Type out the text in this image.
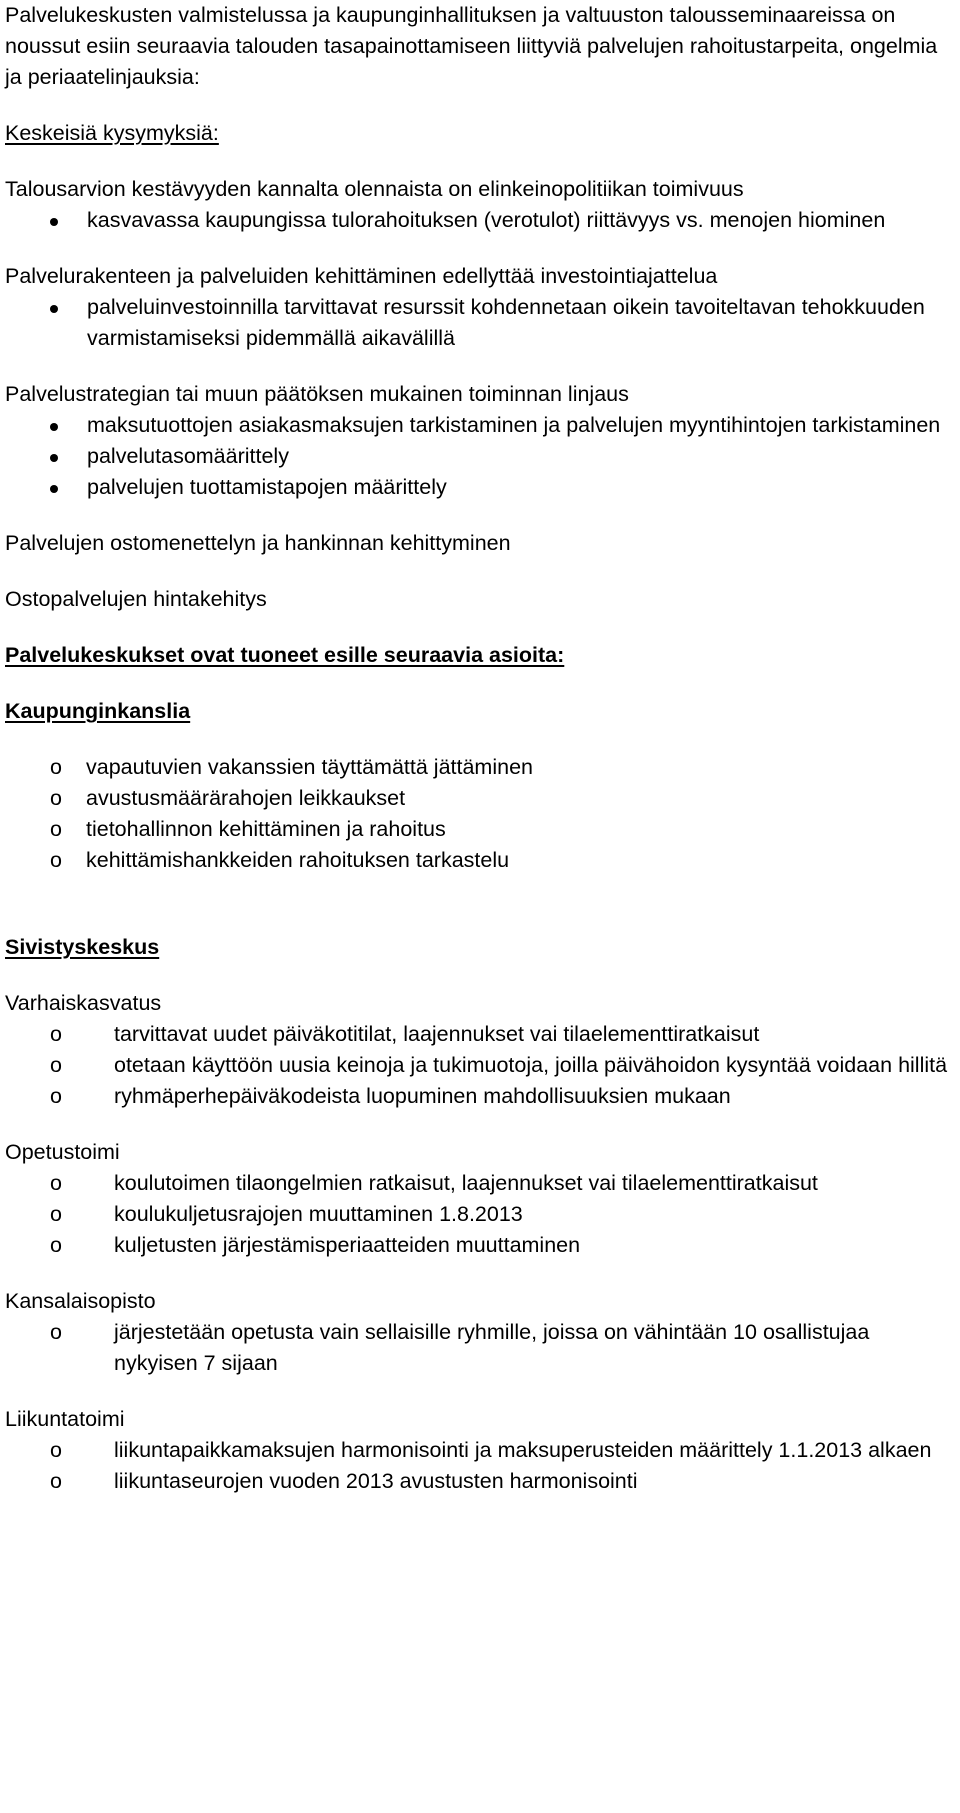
Palvelukeskusten valmistelussa ja kaupunginhallituksen ja valtuuston talousseminaareissa on noussut esiin seuraavia talouden tasapainottamiseen liittyviä palvelujen rahoitustarpeita, ongelmia ja periaatelinjauksia:

Keskeisiä kysymyksiä:

Talousarvion kestävyyden kannalta olennaista on elinkeinopolitiikan toimivuus

kasvavassa kaupungissa tulorahoituksen (verotulot) riittävyys vs. menojen hiominen

Palvelurakenteen ja palveluiden kehittäminen edellyttää investointiajattelua

palveluinvestoinnilla tarvittavat resurssit kohdennetaan oikein tavoiteltavan tehokkuuden varmistamiseksi pidemmällä aikavälillä

Palvelustrategian tai muun päätöksen mukainen toiminnan linjaus

maksutuottojen asiakasmaksujen tarkistaminen ja palvelujen myyntihintojen tarkistaminen
palvelutasomäärittely
palvelujen tuottamistapojen määrittely

Palvelujen ostomenettelyn ja hankinnan kehittyminen

Ostopalvelujen hintakehitys

Palvelukeskukset ovat tuoneet esille seuraavia asioita:

Kaupunginkanslia

o vapautuvien vakanssien täyttämättä jättäminen
o avustusmäärärahojen leikkaukset
o tietohallinnon kehittäminen ja rahoitus
o kehittämishankkeiden rahoituksen tarkastelu

Sivistyskeskus

Varhaiskasvatus

o tarvittavat uudet päiväkotitilat, laajennukset vai tilaelementtiratkaisut
o otetaan käyttöön uusia keinoja ja tukimuotoja, joilla päivähoidon kysyntää voidaan hillitä
o ryhmäperhepäiväkodeista luopuminen mahdollisuuksien mukaan

Opetustoimi

o koulutoimen tilaongelmien ratkaisut, laajennukset vai tilaelementtiratkaisut
o koulukuljetusrajojen muuttaminen 1.8.2013
o kuljetusten järjestämisperiaatteiden muuttaminen

Kansalaisopisto

o järjestetään opetusta vain sellaisille ryhmille, joissa on vähintään 10 osallistujaa nykyisen 7 sijaan

Liikuntatoimi

o liikuntapaikkamaksujen harmonisointi ja maksuperusteiden määrittely 1.1.2013 alkaen
o liikuntaseurojen vuoden 2013 avustusten harmonisointi
